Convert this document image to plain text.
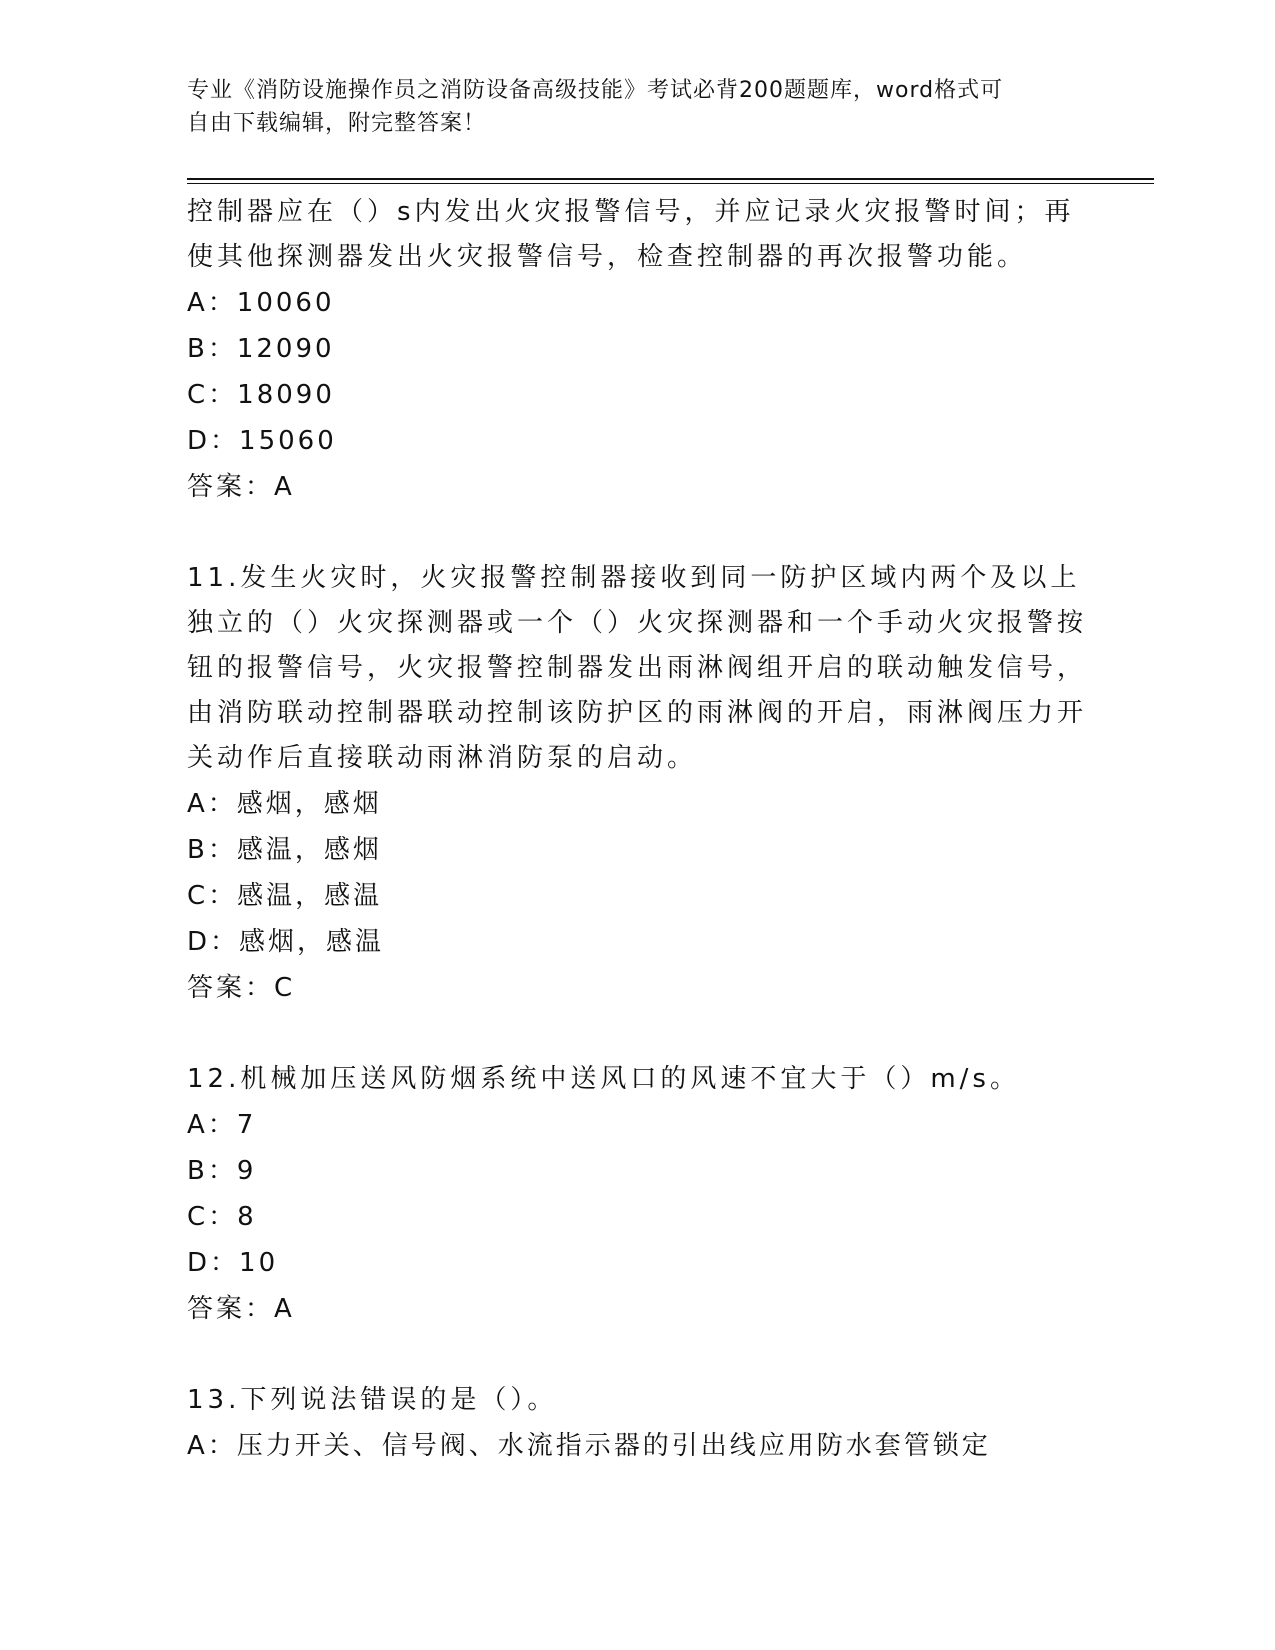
专业《消防设施操作员之消防设备高级技能》考试必背200题题库，word格式可
自由下载编辑，附完整答案！

控制器应在（）s内发出火灾报警信号，并应记录火灾报警时间；再使其他探测器发出火灾报警信号，检查控制器的再次报警功能。

A：10060

B：12090

C：18090

D：15060

答案：A

11.发生火灾时，火灾报警控制器接收到同一防护区域内两个及以上独立的（）火灾探测器或一个（）火灾探测器和一个手动火灾报警按钮的报警信号，火灾报警控制器发出雨淋阀组开启的联动触发信号，由消防联动控制器联动控制该防护区的雨淋阀的开启，雨淋阀压力开关动作后直接联动雨淋消防泵的启动。

A：感烟，感烟

B：感温，感烟

C：感温，感温

D：感烟，感温

答案：C

12.机械加压送风防烟系统中送风口的风速不宜大于（）m/s。

A：7

B：9

C：8

D：10

答案：A

13.下列说法错误的是（）。

A：压力开关、信号阀、水流指示器的引出线应用防水套管锁定
